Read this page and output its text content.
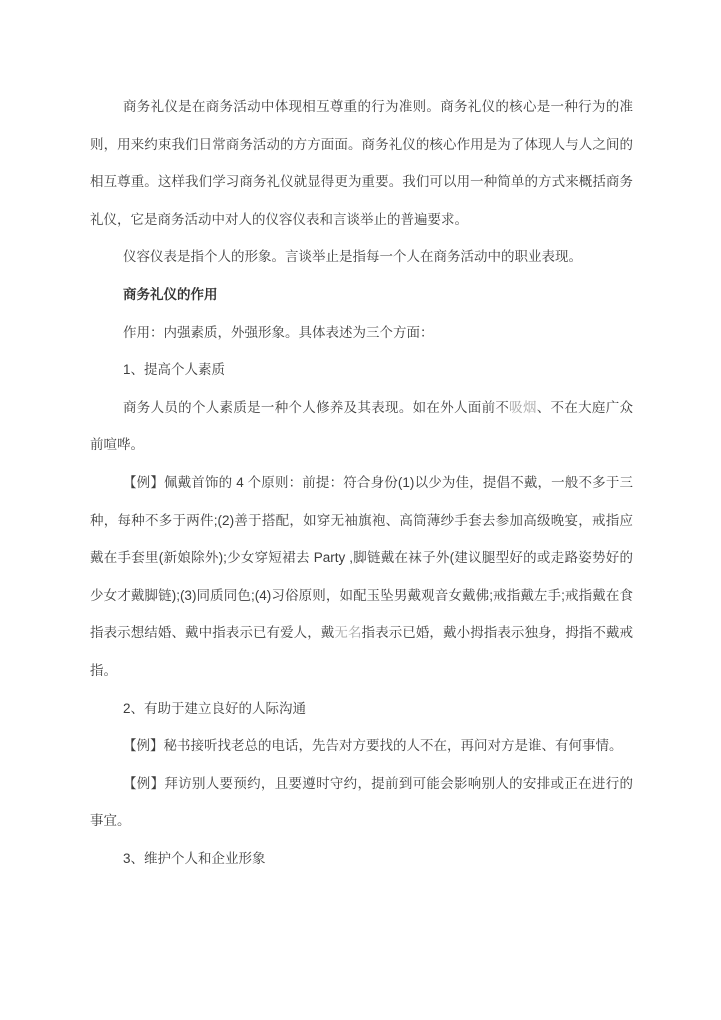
商务礼仪是在商务活动中体现相互尊重的行为准则。商务礼仪的核心是一种行为的准则，用来约束我们日常商务活动的方方面面。商务礼仪的核心作用是为了体现人与人之间的相互尊重。这样我们学习商务礼仪就显得更为重要。我们可以用一种简单的方式来概括商务礼仪，它是商务活动中对人的仪容仪表和言谈举止的普遍要求。

仪容仪表是指个人的形象。言谈举止是指每一个人在商务活动中的职业表现。

商务礼仪的作用

作用：内强素质，外强形象。具体表述为三个方面：

1、提高个人素质

商务人员的个人素质是一种个人修养及其表现。如在外人面前不吸烟、不在大庭广众前喧哗。

【例】佩戴首饰的 4 个原则：前提：符合身份(1)以少为佳，提倡不戴，一般不多于三种，每种不多于两件;(2)善于搭配，如穿无袖旗袍、高筒薄纱手套去参加高级晚宴，戒指应戴在手套里(新娘除外);少女穿短裙去 Party ,脚链戴在袜子外(建议腿型好的或走路姿势好的少女才戴脚链);(3)同质同色;(4)习俗原则，如配玉坠男戴观音女戴佛;戒指戴左手;戒指戴在食指表示想结婚、戴中指表示已有爱人，戴无名指表示已婚，戴小拇指表示独身，拇指不戴戒指。

2、有助于建立良好的人际沟通

【例】秘书接听找老总的电话，先告对方要找的人不在，再问对方是谁、有何事情。

【例】拜访别人要预约，且要遵时守约，提前到可能会影响别人的安排或正在进行的事宜。

3、维护个人和企业形象
